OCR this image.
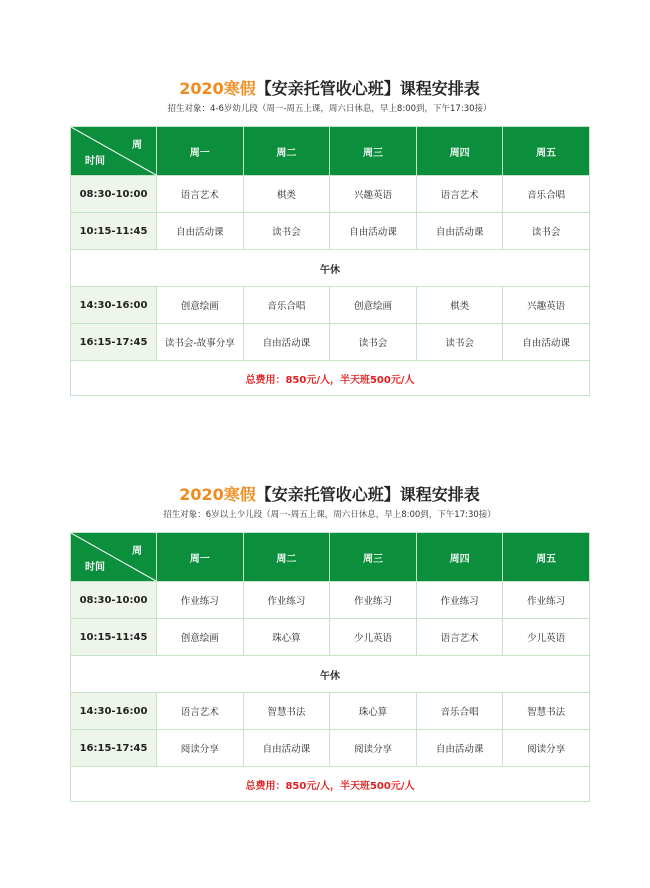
2020寒假【安亲托管收心班】课程安排表
招生对象：4-6岁幼儿段（周一-周五上课，周六日休息，早上8:00到，下午17:30接）
周
时间	周一	周二	周三	周四	周五
08:30-10:00	语言艺术	棋类	兴趣英语	语言艺术	音乐合唱
10:15-11:45	自由活动课	读书会	自由活动课	自由活动课	读书会
午休					
14:30-16:00	创意绘画	音乐合唱	创意绘画	棋类	兴趣英语
16:15-17:45	读书会-故事分享	自由活动课	读书会	读书会	自由活动课
总费用：850元/人，半天班500元/人					
2020寒假【安亲托管收心班】课程安排表
招生对象：6岁以上少儿段（周一-周五上课，周六日休息，早上8:00到，下午17:30接）
周
时间	周一	周二	周三	周四	周五
08:30-10:00	作业练习	作业练习	作业练习	作业练习	作业练习
10:15-11:45	创意绘画	珠心算	少儿英语	语言艺术	少儿英语
午休					
14:30-16:00	语言艺术	智慧书法	珠心算	音乐合唱	智慧书法
16:15-17:45	阅读分享	自由活动课	阅读分享	自由活动课	阅读分享
总费用：850元/人，半天班500元/人					
